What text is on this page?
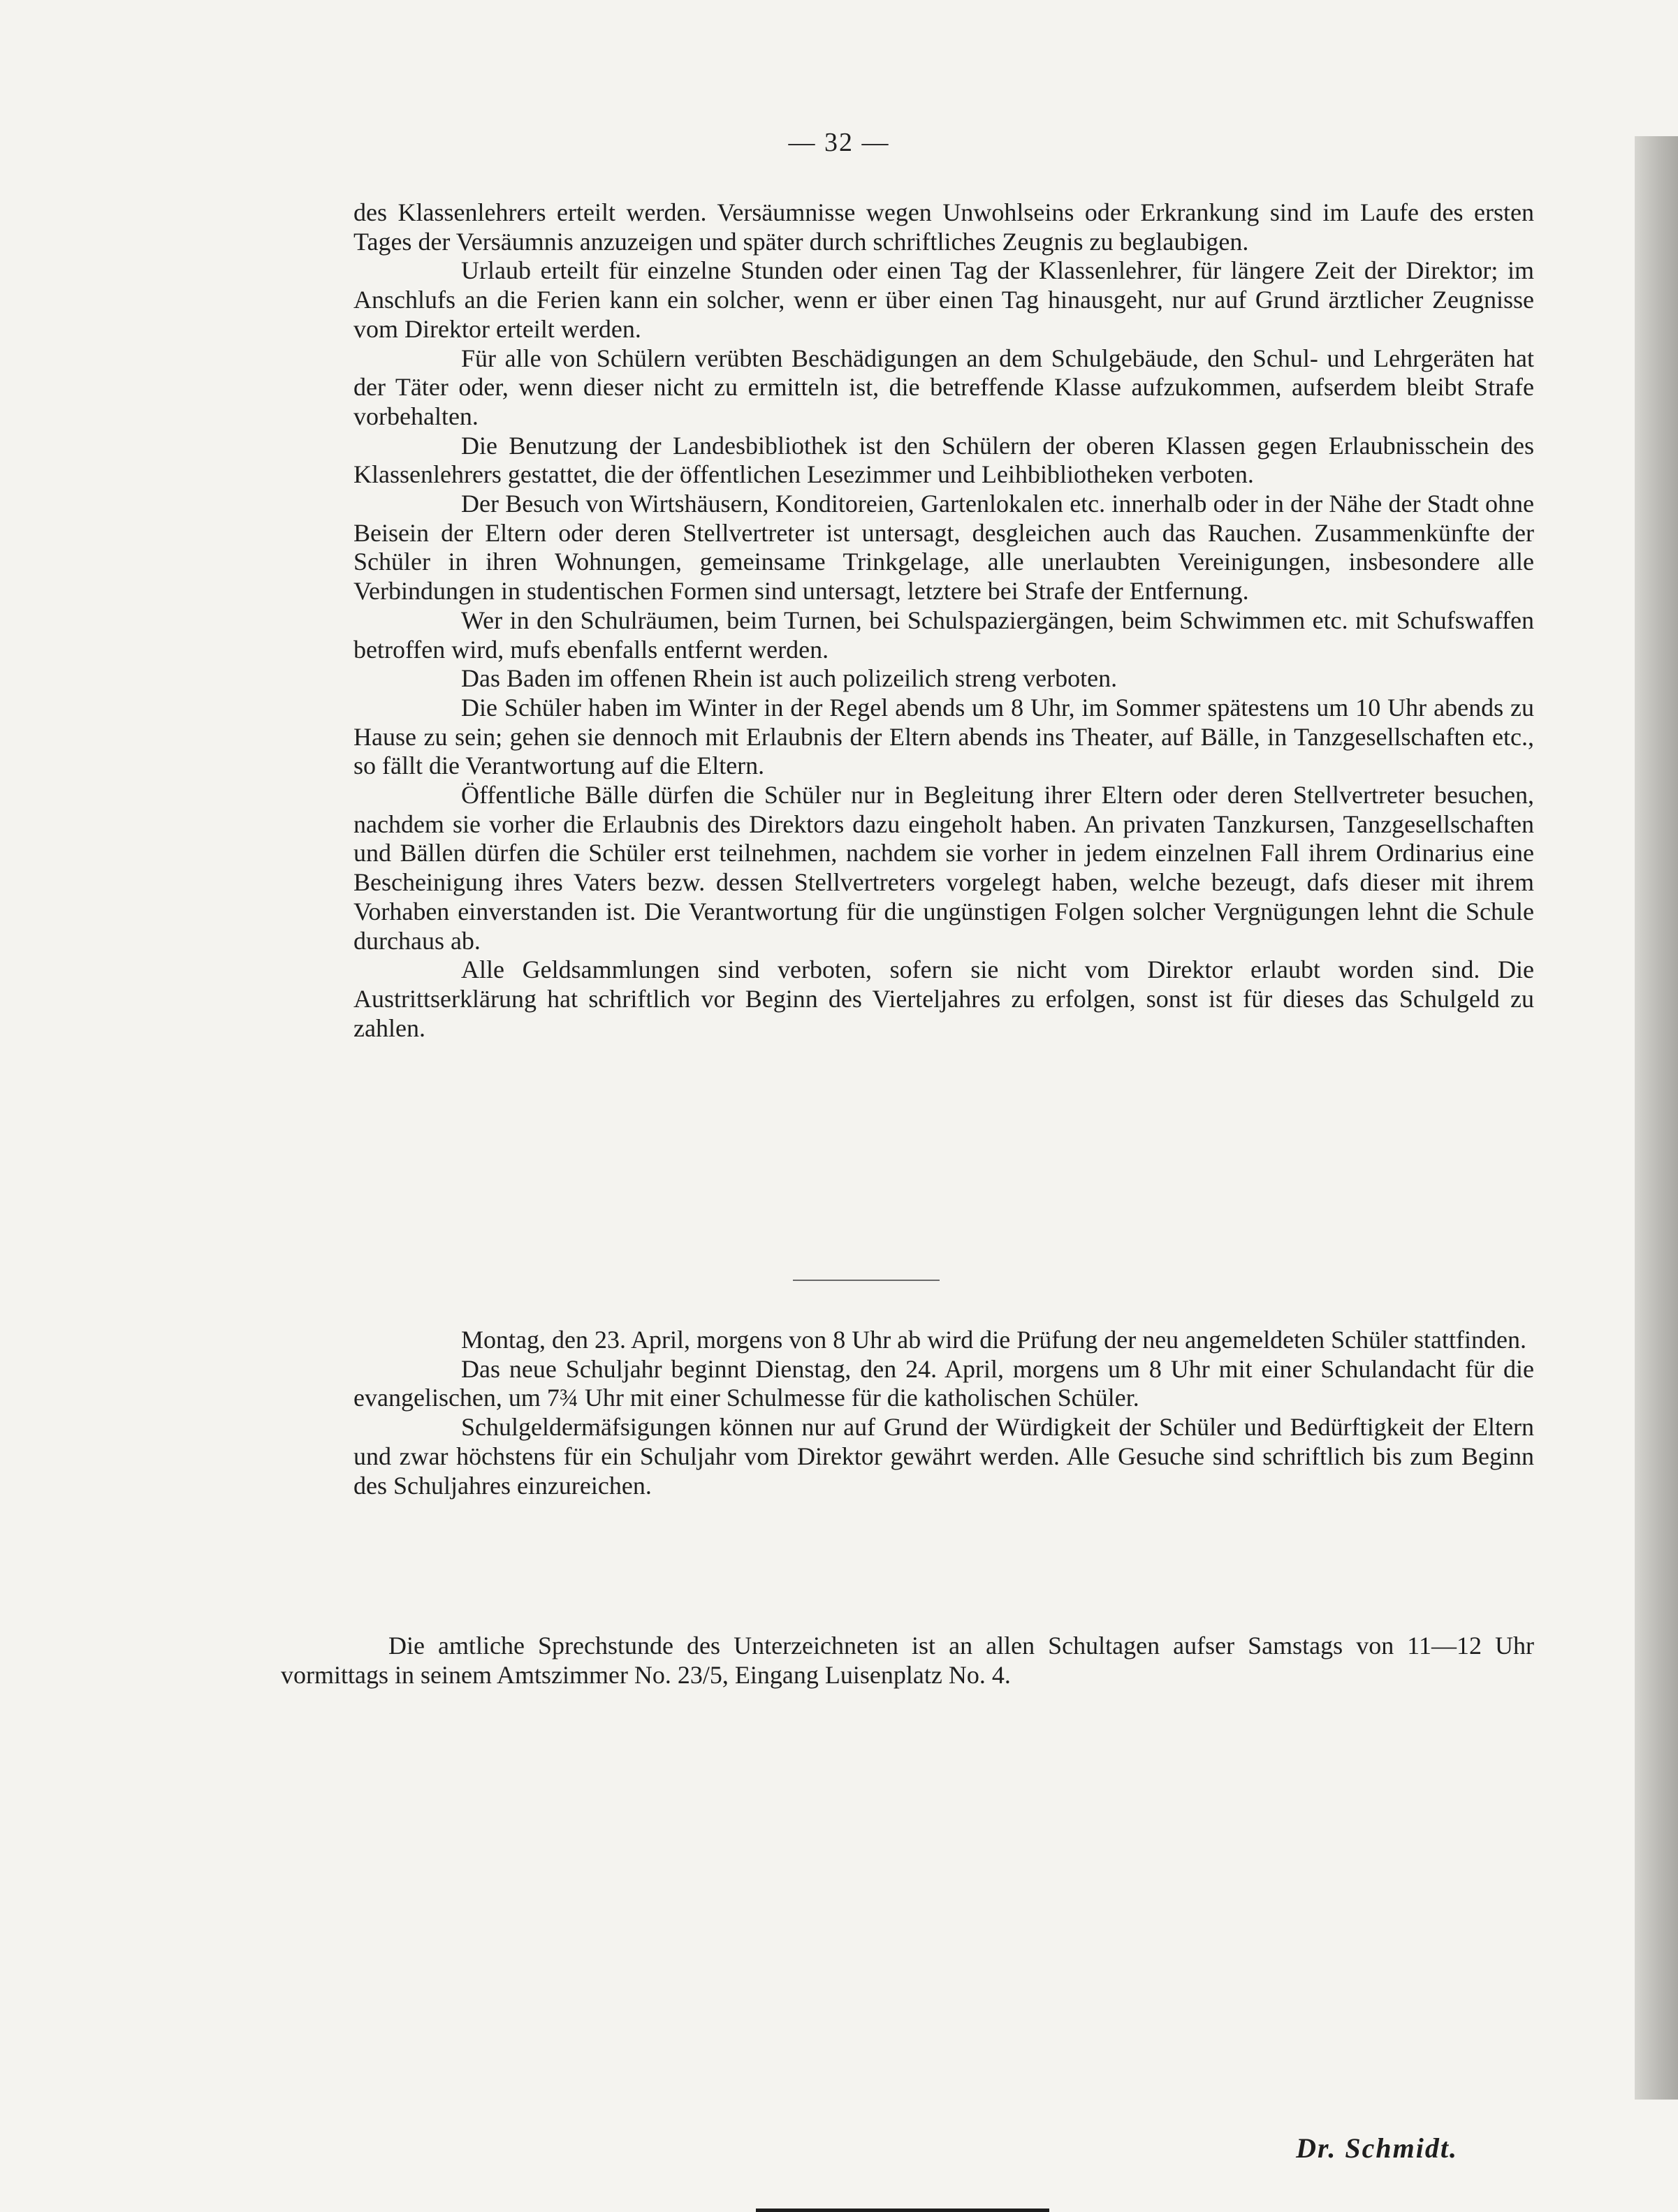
— 32 —

des Klassenlehrers erteilt werden. Versäumnisse wegen Unwohlseins oder Erkrankung sind im Laufe des ersten Tages der Versäumnis anzuzeigen und später durch schriftliches Zeugnis zu beglaubigen.

Urlaub erteilt für einzelne Stunden oder einen Tag der Klassenlehrer, für längere Zeit der Direktor; im Anschlufs an die Ferien kann ein solcher, wenn er über einen Tag hinausgeht, nur auf Grund ärztlicher Zeugnisse vom Direktor erteilt werden.

Für alle von Schülern verübten Beschädigungen an dem Schulgebäude, den Schul- und Lehrgeräten hat der Täter oder, wenn dieser nicht zu ermitteln ist, die betreffende Klasse aufzukommen, aufserdem bleibt Strafe vorbehalten.

Die Benutzung der Landesbibliothek ist den Schülern der oberen Klassen gegen Erlaubnisschein des Klassenlehrers gestattet, die der öffentlichen Lesezimmer und Leihbibliotheken verboten.

Der Besuch von Wirtshäusern, Konditoreien, Gartenlokalen etc. innerhalb oder in der Nähe der Stadt ohne Beisein der Eltern oder deren Stellvertreter ist untersagt, desgleichen auch das Rauchen. Zusammenkünfte der Schüler in ihren Wohnungen, gemeinsame Trinkgelage, alle unerlaubten Vereinigungen, insbesondere alle Verbindungen in studentischen Formen sind untersagt, letztere bei Strafe der Entfernung.

Wer in den Schulräumen, beim Turnen, bei Schulspaziergängen, beim Schwimmen etc. mit Schufswaffen betroffen wird, mufs ebenfalls entfernt werden.

Das Baden im offenen Rhein ist auch polizeilich streng verboten.

Die Schüler haben im Winter in der Regel abends um 8 Uhr, im Sommer spätestens um 10 Uhr abends zu Hause zu sein; gehen sie dennoch mit Erlaubnis der Eltern abends ins Theater, auf Bälle, in Tanzgesellschaften etc., so fällt die Verantwortung auf die Eltern.

Öffentliche Bälle dürfen die Schüler nur in Begleitung ihrer Eltern oder deren Stellvertreter besuchen, nachdem sie vorher die Erlaubnis des Direktors dazu eingeholt haben. An privaten Tanzkursen, Tanzgesellschaften und Bällen dürfen die Schüler erst teilnehmen, nachdem sie vorher in jedem einzelnen Fall ihrem Ordinarius eine Bescheinigung ihres Vaters bezw. dessen Stellvertreters vorgelegt haben, welche bezeugt, dafs dieser mit ihrem Vorhaben einverstanden ist. Die Verantwortung für die ungünstigen Folgen solcher Vergnügungen lehnt die Schule durchaus ab.

Alle Geldsammlungen sind verboten, sofern sie nicht vom Direktor erlaubt worden sind. Die Austrittserklärung hat schriftlich vor Beginn des Vierteljahres zu erfolgen, sonst ist für dieses das Schulgeld zu zahlen.

Montag, den 23. April, morgens von 8 Uhr ab wird die Prüfung der neu angemeldeten Schüler stattfinden.

Das neue Schuljahr beginnt Dienstag, den 24. April, morgens um 8 Uhr mit einer Schulandacht für die evangelischen, um 7¾ Uhr mit einer Schulmesse für die katholischen Schüler.

Schulgeldermäfsigungen können nur auf Grund der Würdigkeit der Schüler und Bedürftigkeit der Eltern und zwar höchstens für ein Schuljahr vom Direktor gewährt werden. Alle Gesuche sind schriftlich bis zum Beginn des Schuljahres einzureichen.

Die amtliche Sprechstunde des Unterzeichneten ist an allen Schultagen aufser Samstags von 11—12 Uhr vormittags in seinem Amtszimmer No. 23/5, Eingang Luisenplatz No. 4.

Dr. Schmidt.
